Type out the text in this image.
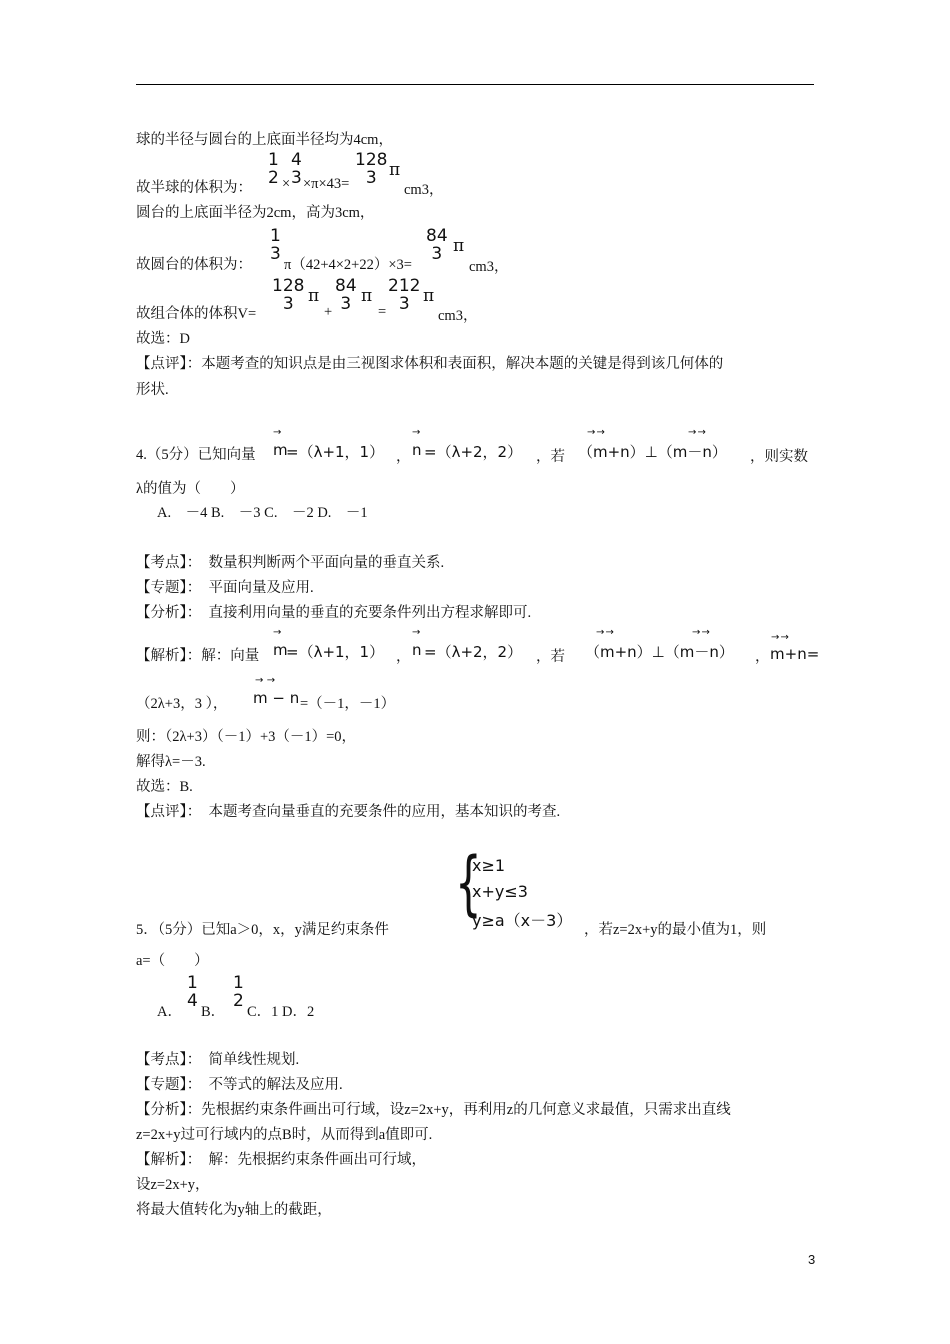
球的半径与圆台的上底面半径均为4cm，
故半球的体积为：
1
2 ×
4
3 ×π×43=
128
3 π
cm3，
圆台的上底面半径为2cm，高为3cm，
故圆台的体积为：
1
3
π（42+4×2+22）×3=
84
3 π
cm3，
故组合体的体积V=
128
3 π
+
84
3 π
=
212
3 π
cm3，
故选：D
【点评】：本题考查的知识点是由三视图求体积和表面积，解决本题的关键是得到该几何体的
形状.
4.（5分）已知向量
→
m
=（λ+1，1） ，
→
n =（λ+2，2） ，若
→ →	→ →
（m+n）⊥（m－n） ，则实数
λ的值为（　　）
A.　－4 B.　－3 C.　－2 D.　－1
【考点】：　数量积判断两个平面向量的垂直关系.
【专题】：　平面向量及应用.
【分析】：　直接利用向量的垂直的充要条件列出方程求解即可.
【解析】：解：向量
→
m
=（λ+1，1） ，
→
n =（λ+2，2） ，若
→ →	→ →
（m+n）⊥（m－n） ，
→ →
m+n=
（2λ+3，3 ），
→  →
m − n =（－1，－1）
则：（2λ+3）（－1）+3（－1）=0，
解得λ=－3.
故选：B.
【点评】：　本题考查向量垂直的充要条件的应用，基本知识的考查.
{
x≥1
x+y≤3
y≥a（x－3）
5．（5分）已知a＞0，x，y满足约束条件	，若z=2x+y的最小值为1，则
a=（　　）
A．
1
4
B．
1
2
C．1 D．2
【考点】：　简单线性规划.
【专题】：　不等式的解法及应用.
【分析】：先根据约束条件画出可行域，设z=2x+y，再利用z的几何意义求最值，只需求出直线
z=2x+y过可行域内的点B时，从而得到a值即可.
【解析】：　解：先根据约束条件画出可行域，
设z=2x+y，
将最大值转化为y轴上的截距，
3
